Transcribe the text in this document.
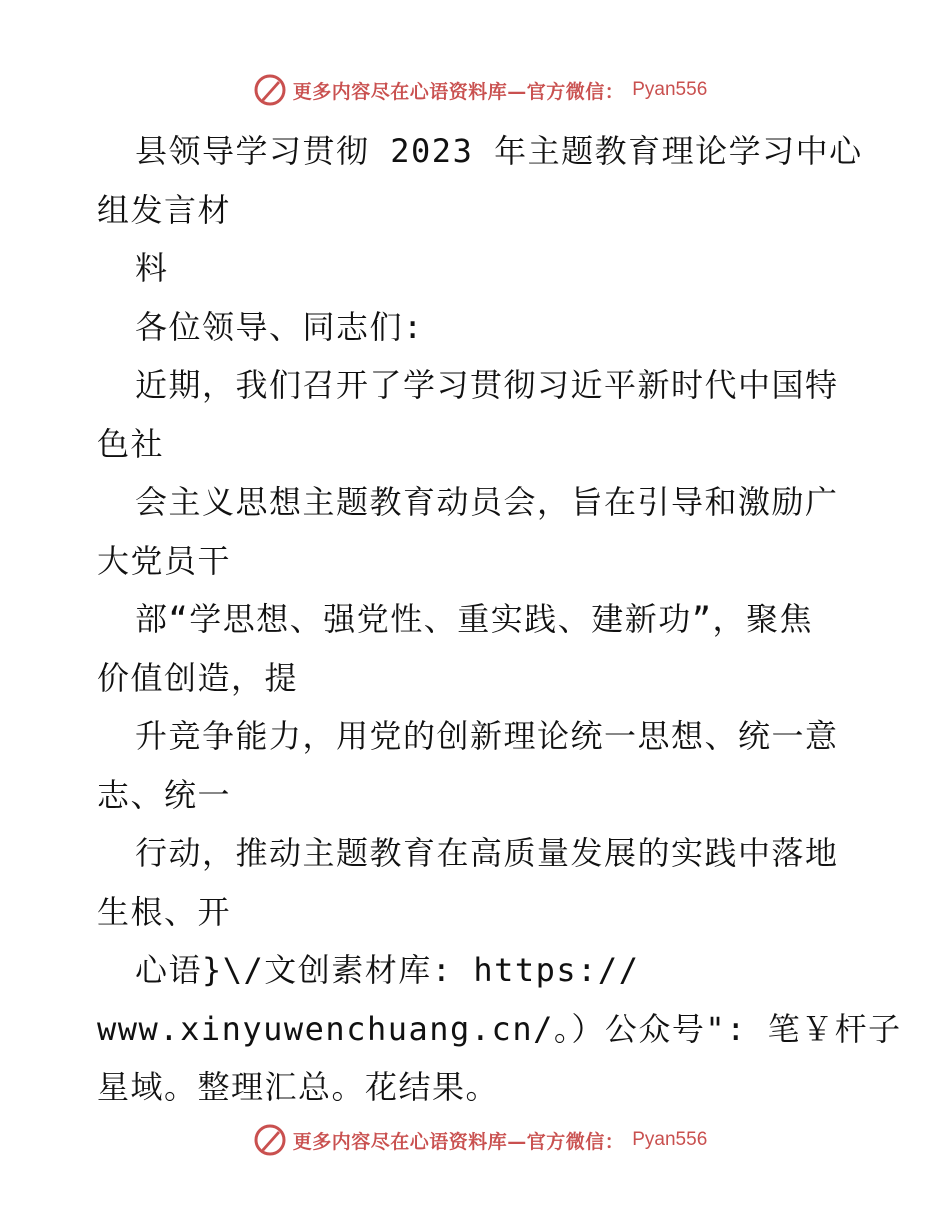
更多内容尽在心语资料库—官方微信： Pyan556
县领导学习贯彻 2023 年主题教育理论学习中心
组发言材
料
各位领导、同志们:
近期，我们召开了学习贯彻习近平新时代中国特
色社
会主义思想主题教育动员会，旨在引导和激励广
大党员干
部“学思想、强党性、重实践、建新功”，聚焦
价值创造，提
升竞争能力，用党的创新理论统一思想、统一意
志、统一
行动，推动主题教育在高质量发展的实践中落地
生根、开
心语}\/文创素材库: https://
www.xinyuwenchuang.cn/。）公众号": 笔￥杆子
星域。整理汇总。花结果。
更多内容尽在心语资料库—官方微信： Pyan556
